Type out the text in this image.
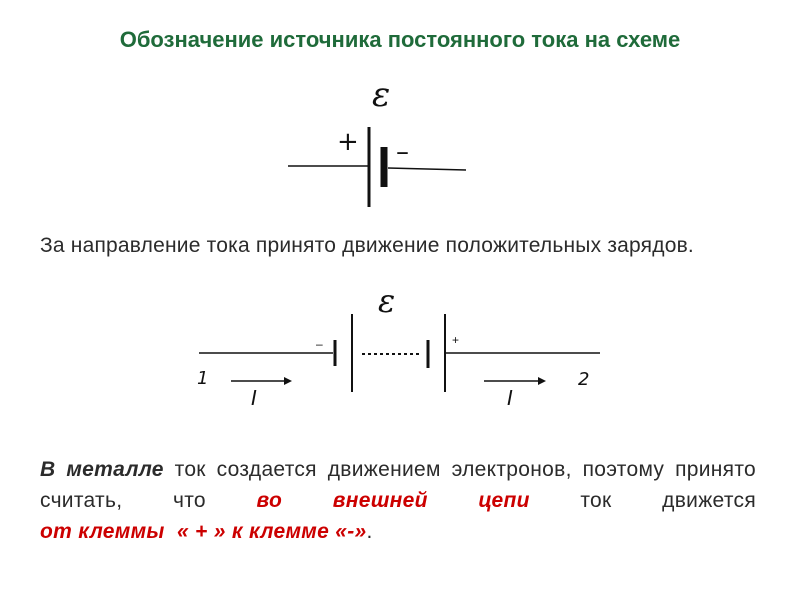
Обозначение источника постоянного тока на схеме
ε
+ –
За направление тока принято движение положительных зарядов.
ε
–	+
1	2
I	I
В металле ток создается движением электронов, поэтому принято считать, что во внешней цепи ток движется от клеммы  « + » к клемме «-».
